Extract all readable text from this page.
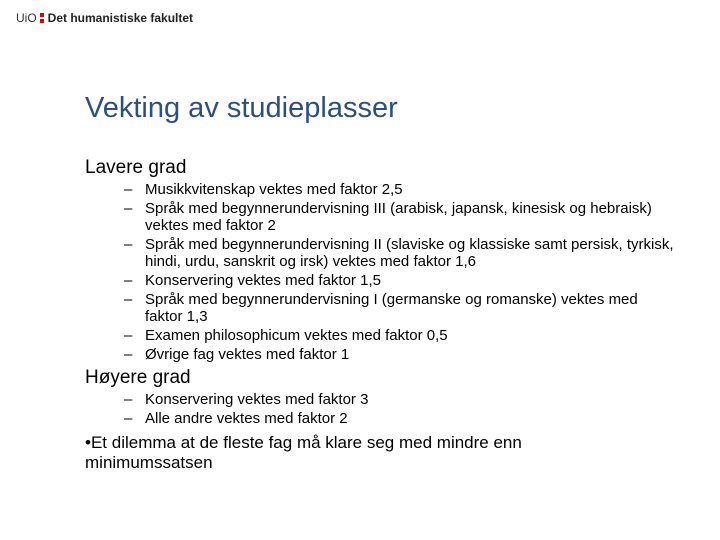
UiO Det humanistiske fakultet
Vekting av studieplasser
Lavere grad
– Musikkvitenskap vektes med faktor 2,5
– Språk med begynnerundervisning III (arabisk, japansk, kinesisk og hebraisk) vektes med faktor 2
– Språk med begynnerundervisning II (slaviske og klassiske samt persisk, tyrkisk, hindi, urdu, sanskrit og irsk) vektes med faktor 1,6
– Konservering vektes med faktor 1,5
– Språk med begynnerundervisning I (germanske og romanske) vektes med faktor 1,3
– Examen philosophicum vektes med faktor 0,5
– Øvrige fag vektes med faktor 1
Høyere grad
– Konservering vektes med faktor 3
– Alle andre vektes med faktor 2
•Et dilemma at de fleste fag må klare seg med mindre enn minimumssatsen
